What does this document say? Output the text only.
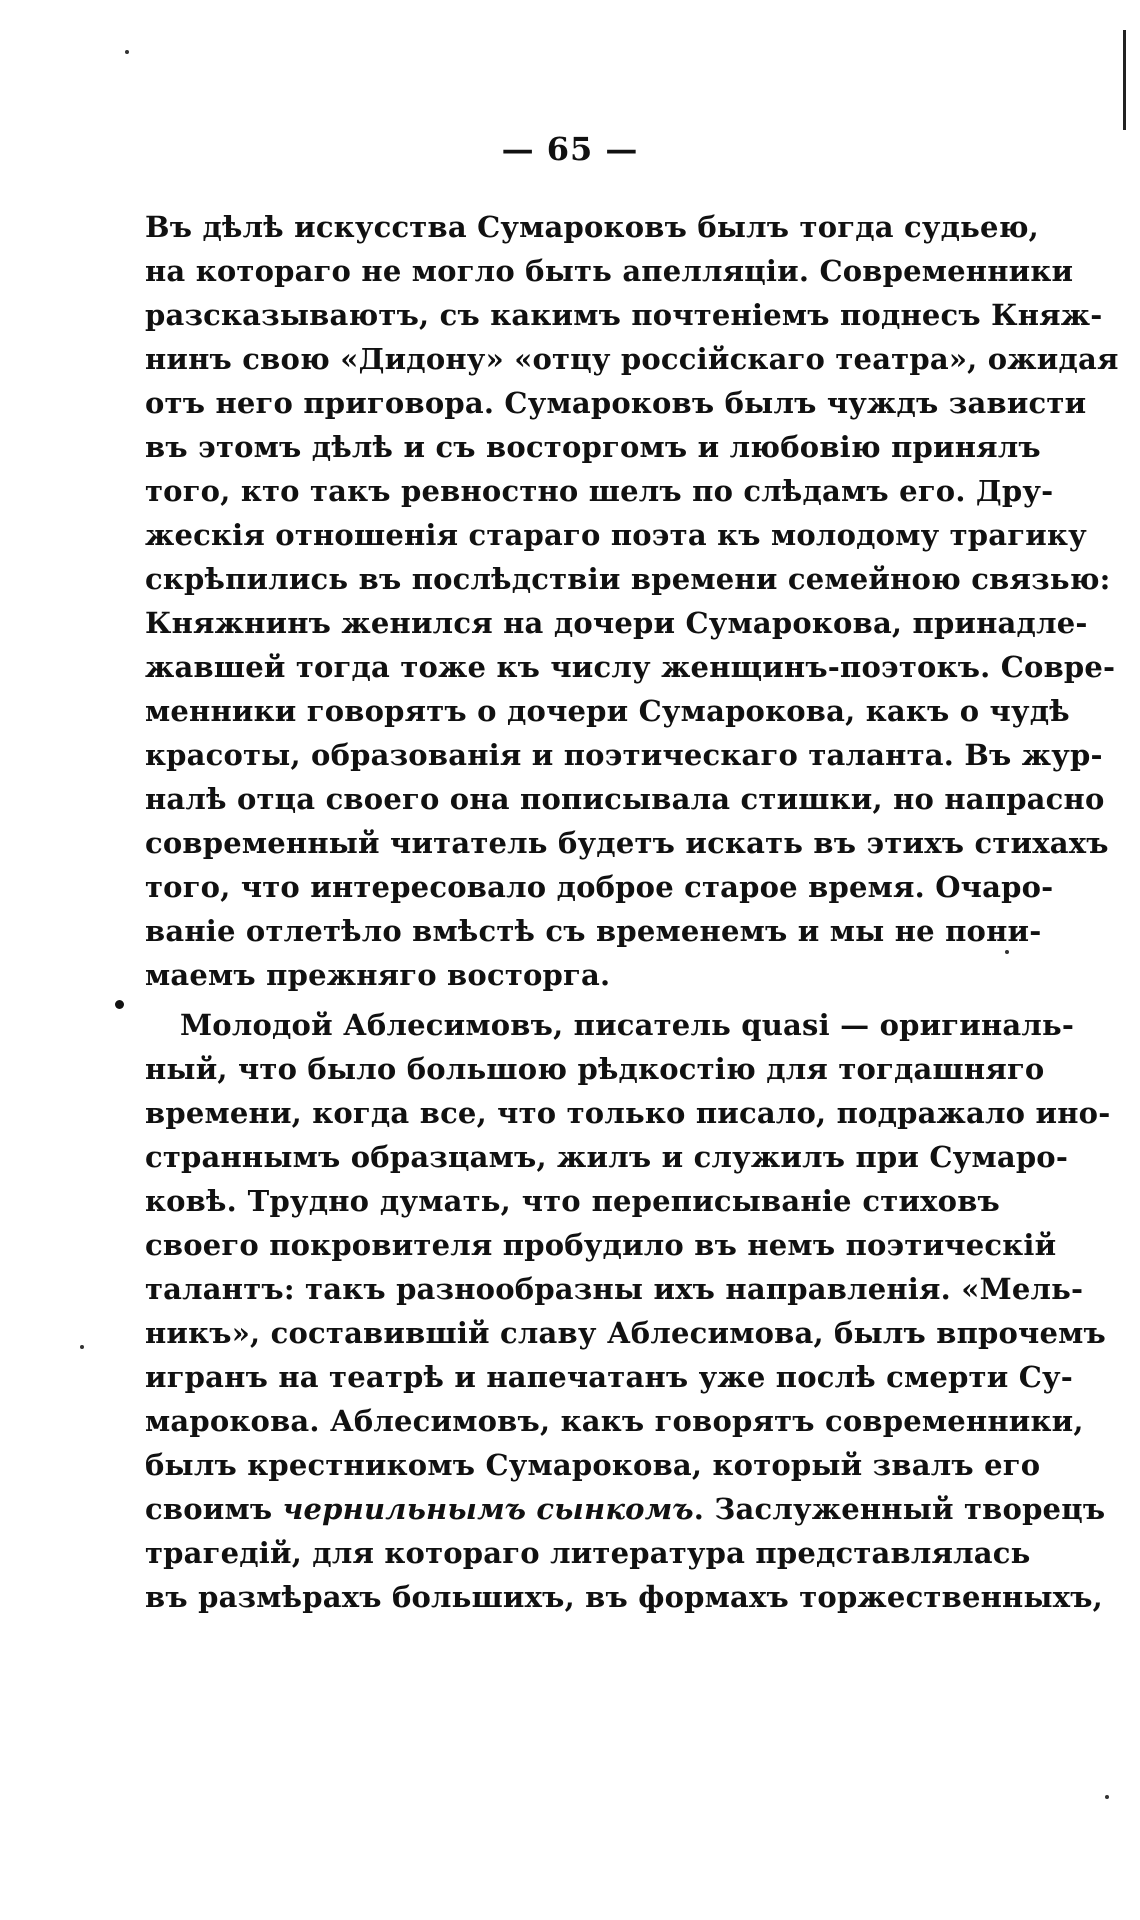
— 65 —
Въ дѣлѣ искусства Сумароковъ былъ тогда судьею,
на котораго не могло быть апелляціи. Современники
разсказываютъ, съ какимъ почтеніемъ поднесъ Княж-
нинъ свою «Дидону» «отцу россійскаго театра», ожидая
отъ него приговора. Сумароковъ былъ чуждъ зависти
въ этомъ дѣлѣ и съ восторгомъ и любовію принялъ
того, кто такъ ревностно шелъ по слѣдамъ его. Дру-
жескія отношенія стараго поэта къ молодому трагику
скрѣпились въ послѣдствіи времени семейною связью:
Княжнинъ женился на дочери Сумарокова, принадле-
жавшей тогда тоже къ числу женщинъ-поэтокъ. Совре-
менники говорятъ о дочери Сумарокова, какъ о чудѣ
красоты, образованія и поэтическаго таланта. Въ жур-
налѣ отца своего она пописывала стишки, но напрасно
современный читатель будетъ искать въ этихъ стихахъ
того, что интересовало доброе старое время. Очаро-
ваніе отлетѣло вмѣстѣ съ временемъ и мы не пони-
маемъ прежняго восторга.
Молодой Аблесимовъ, писатель quasi — оригиналь-
ный, что было большою рѣдкостію для тогдашняго
времени, когда все, что только писало, подражало ино-
страннымъ образцамъ, жилъ и служилъ при Сумаро-
ковѣ. Трудно думать, что переписываніе стиховъ
своего покровителя пробудило въ немъ поэтическій
талантъ: такъ разнообразны ихъ направленія. «Мель-
никъ», составившій славу Аблесимова, былъ впрочемъ
игранъ на театрѣ и напечатанъ уже послѣ смерти Су-
марокова. Аблесимовъ, какъ говорятъ современники,
былъ крестникомъ Сумарокова, который звалъ его
своимъ чернильнымъ сынкомъ. Заслуженный творецъ
трагедій, для котораго литература представлялась
въ размѣрахъ большихъ, въ формахъ торжественныхъ,
